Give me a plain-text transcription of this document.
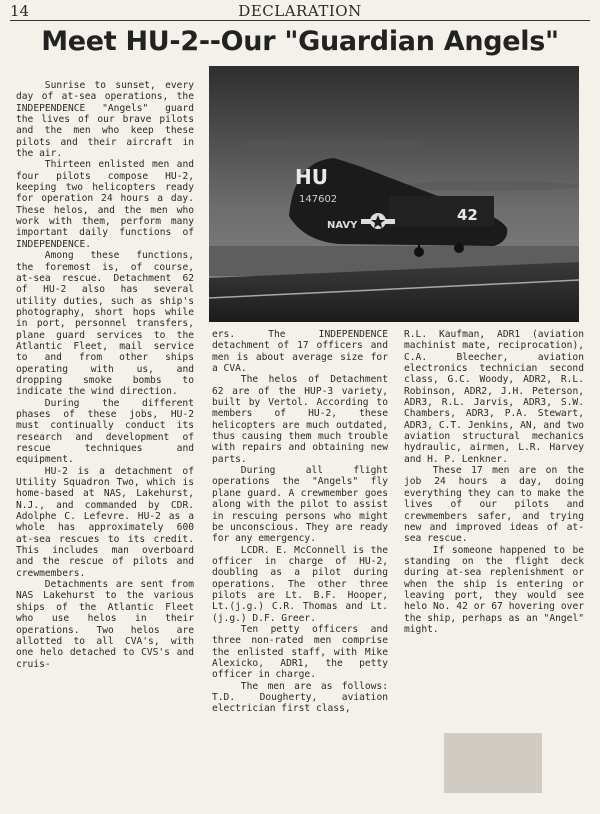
14	DECLARATION
Meet HU-2--Our "Guardian Angels"

Sunrise to sunset, every day of at-sea operations, the INDEPENDENCE "Angels" guard the lives of our brave pilots and the men who keep these pilots and their aircraft in the air.

Thirteen enlisted men and four pilots compose HU-2, keeping two helicopters ready for operation 24 hours a day. These helos, and the men who work with them, perform many important daily functions of INDEPENDENCE.

Among these functions, the foremost is, of course, at-sea rescue. Detachment 62 of HU-2 also has several utility duties, such as ship's photography, short hops while in port, personnel transfers, plane guard services to the Atlantic Fleet, mail service to and from other ships operating with us, and dropping smoke bombs to indicate the wind direction.

During the different phases of these jobs, HU-2 must continually conduct its research and development of rescue techniques and equipment.

HU-2 is a detachment of Utility Squadron Two, which is home-based at NAS, Lakehurst, N.J., and commanded by CDR. Adolphe C. Lefevre. HU-2 as a whole has approximately 600 at-sea rescues to its credit. This includes man overboard and the rescue of pilots and crewmembers.

Detachments are sent from NAS Lakehurst to the various ships of the Atlantic Fleet who use helos in their operations. Two helos are allotted to all CVA's, with one helo detached to CVS's and cruis-

HU
147602
NAVY
42

ers. The INDEPENDENCE detachment of 17 officers and men is about average size for a CVA.

The helos of Detachment 62 are of the HUP-3 variety, built by Vertol. According to members of HU-2, these helicopters are much outdated, thus causing them much trouble with repairs and obtaining new parts.

During all flight operations the "Angels" fly plane guard. A crewmember goes along with the pilot to assist in rescuing persons who might be unconscious. They are ready for any emergency.

LCDR. E. McConnell is the officer in charge of HU-2, doubling as a pilot during operations. The other three pilots are Lt. B.F. Hooper, Lt.(j.g.) C.R. Thomas and Lt.(j.g.) D.F. Greer.

Ten petty officers and three non-rated men comprise the enlisted staff, with Mike Alexicko, ADR1, the petty officer in charge.

The men are as follows: T.D. Dougherty, aviation electrician first class,

R.L. Kaufman, ADR1 (aviation machinist mate, reciprocation), C.A. Bleecher, aviation electronics technician second class, G.C. Woody, ADR2, R.L. Robinson, ADR2, J.H. Peterson, ADR3, R.L. Jarvis, ADR3, S.W. Chambers, ADR3, P.A. Stewart, ADR3, C.T. Jenkins, AN, and two aviation structural mechanics hydraulic, airmen, L.R. Harvey and H. P. Lenkner.

These 17 men are on the job 24 hours a day, doing everything they can to make the lives of our pilots and crewmembers safer, and trying new and improved ideas of at-sea rescue.

If someone happened to be standing on the flight deck during at-sea replenishment or when the ship is entering or leaving port, they would see helo No. 42 or 67 hovering over the ship, perhaps as an "Angel" might.
